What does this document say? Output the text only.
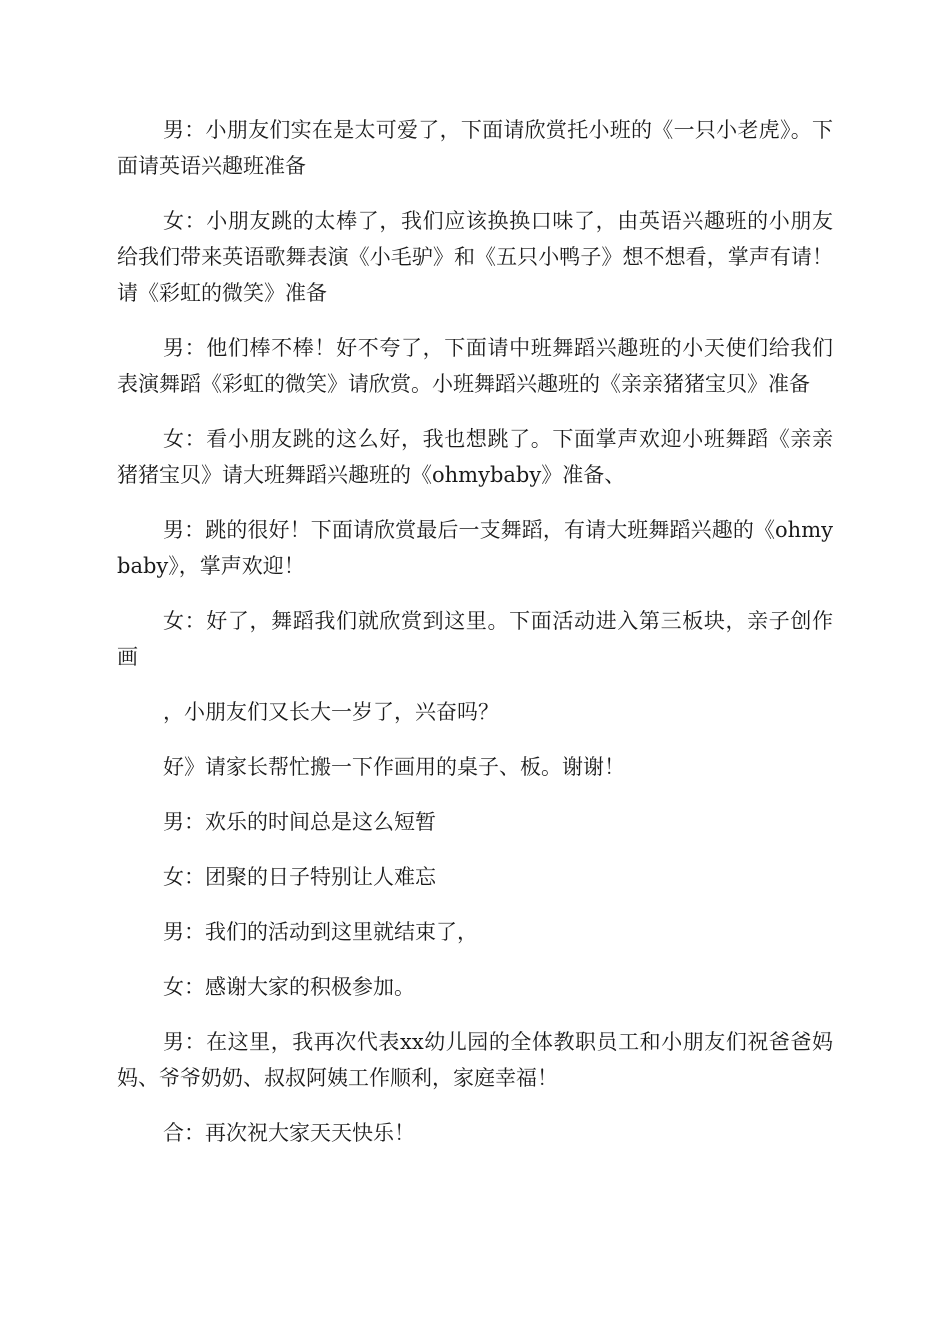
男：小朋友们实在是太可爱了，下面请欣赏托小班的《一只小老虎》。下面请英语兴趣班准备

女：小朋友跳的太棒了，我们应该换换口味了，由英语兴趣班的小朋友给我们带来英语歌舞表演《小毛驴》和《五只小鸭子》想不想看，掌声有请！请《彩虹的微笑》准备

男：他们棒不棒！好不夸了，下面请中班舞蹈兴趣班的小天使们给我们表演舞蹈《彩虹的微笑》请欣赏。小班舞蹈兴趣班的《亲亲猪猪宝贝》准备

女：看小朋友跳的这么好，我也想跳了。下面掌声欢迎小班舞蹈《亲亲猪猪宝贝》请大班舞蹈兴趣班的《ohmybaby》准备、

男：跳的很好！下面请欣赏最后一支舞蹈，有请大班舞蹈兴趣的《ohmybaby》，掌声欢迎！

女：好了，舞蹈我们就欣赏到这里。下面活动进入第三板块，亲子创作画

，小朋友们又长大一岁了，兴奋吗？

好》请家长帮忙搬一下作画用的桌子、板。谢谢！

男：欢乐的时间总是这么短暂

女：团聚的日子特别让人难忘

男：我们的活动到这里就结束了，

女：感谢大家的积极参加。

男：在这里，我再次代表xx幼儿园的全体教职员工和小朋友们祝爸爸妈妈、爷爷奶奶、叔叔阿姨工作顺利，家庭幸福！

合：再次祝大家天天快乐！
